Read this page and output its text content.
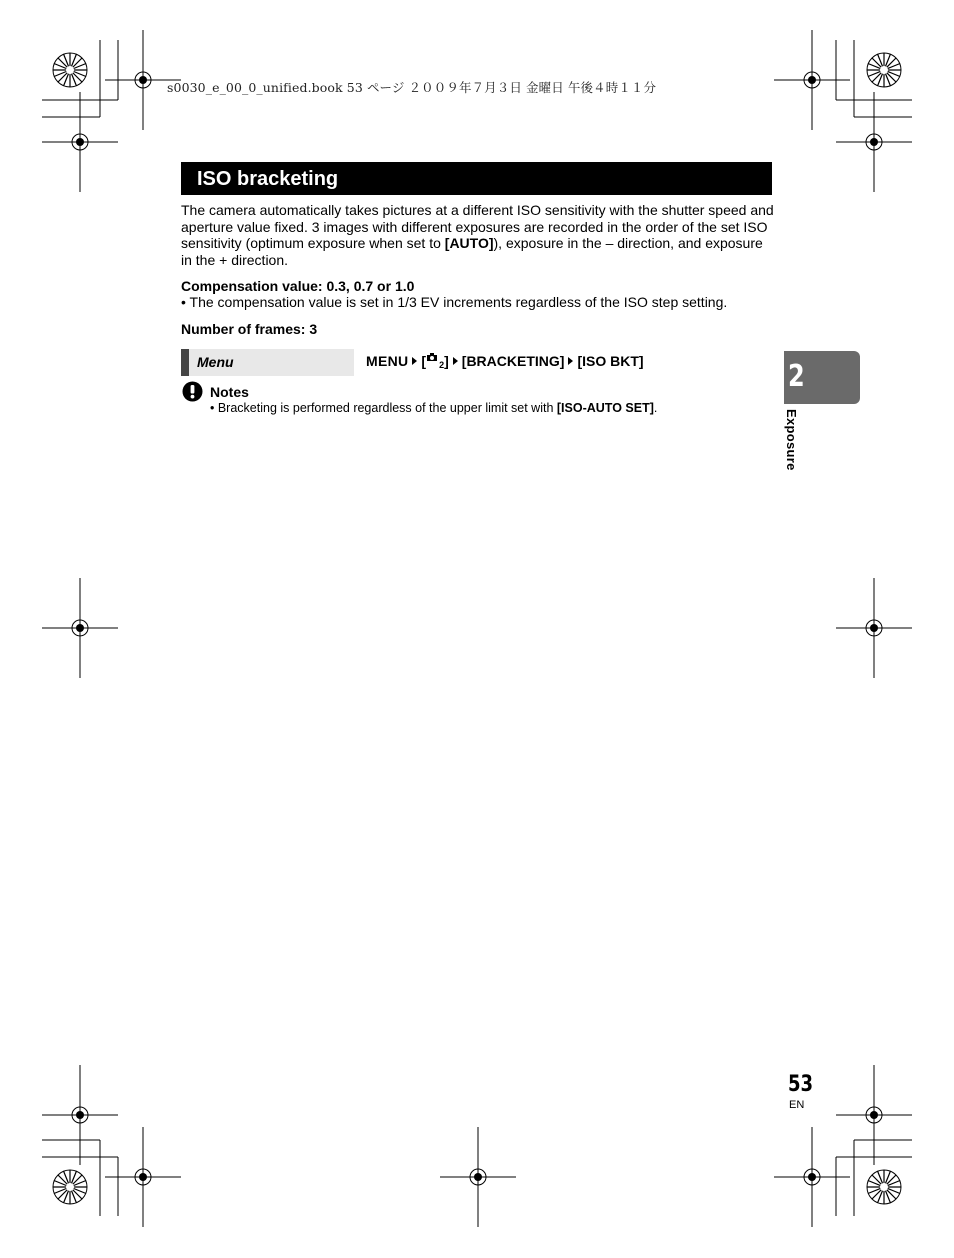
s0030_e_00_0_unified.book 53 ページ ２００９年７月３日 金曜日 午後４時１１分
ISO bracketing
The camera automatically takes pictures at a different ISO sensitivity with the shutter speed and aperture value fixed. 3 images with different exposures are recorded in the order of the set ISO sensitivity (optimum exposure when set to [AUTO]), exposure in the – direction, and exposure in the + direction.
Compensation value: 0.3, 0.7 or 1.0
• The compensation value is set in 1/3 EV increments regardless of the ISO step setting.
Number of frames: 3
Menu	MENU [ 2 ] [BRACKETING] [ISO BKT]
Notes
• Bracketing is performed regardless of the upper limit set with [ISO-AUTO SET].
2
Exposure
53
EN
